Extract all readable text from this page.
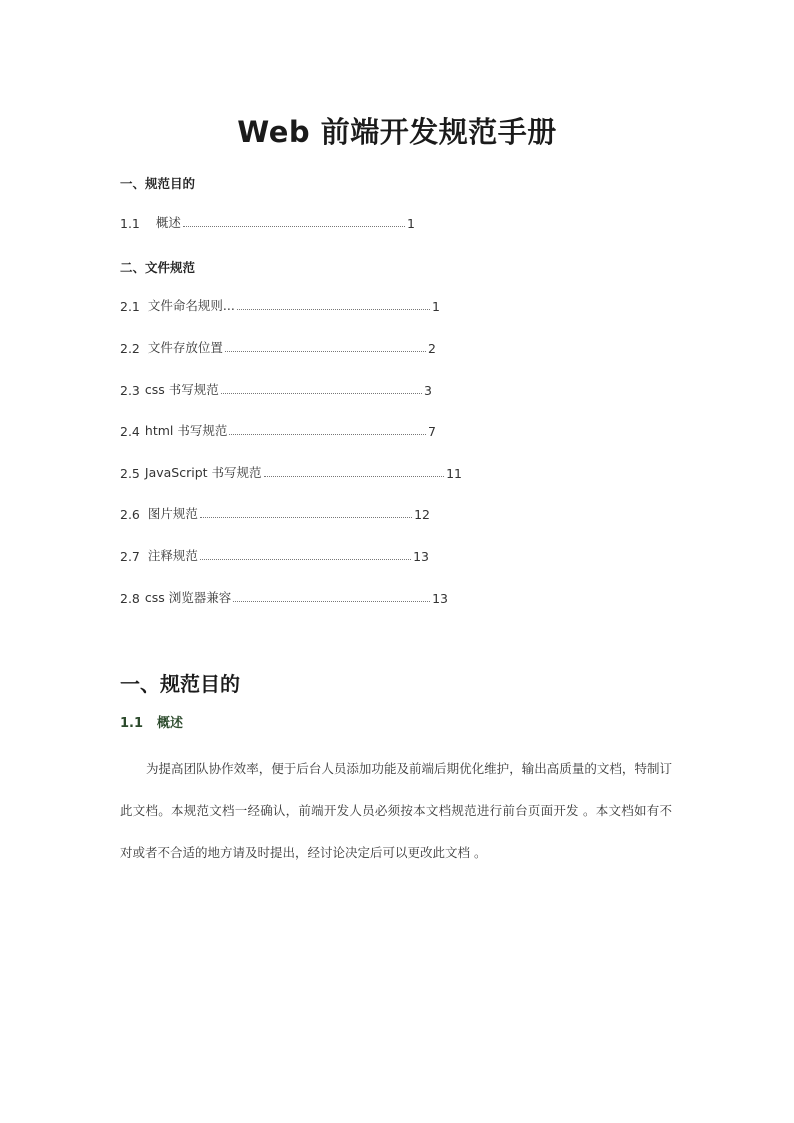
Web 前端开发规范手册
一、规范目的
1.1 概述	1
二、文件规范
2.1 文件命名规则...	1
2.2 文件存放位置	2
2.3 css 书写规范	3
2.4 html 书写规范	7
2.5 JavaScript 书写规范	11
2.6 图片规范	12
2.7 注释规范	13
2.8 css 浏览器兼容	13
一、规范目的
1.1 概述
为提高团队协作效率，便于后台人员添加功能及前端后期优化维护，输出高质量的文档，特制订此文档。本规范文档一经确认，前端开发人员必须按本文档规范进行前台页面开发 。本文档如有不对或者不合适的地方请及时提出，经讨论决定后可以更改此文档 。
